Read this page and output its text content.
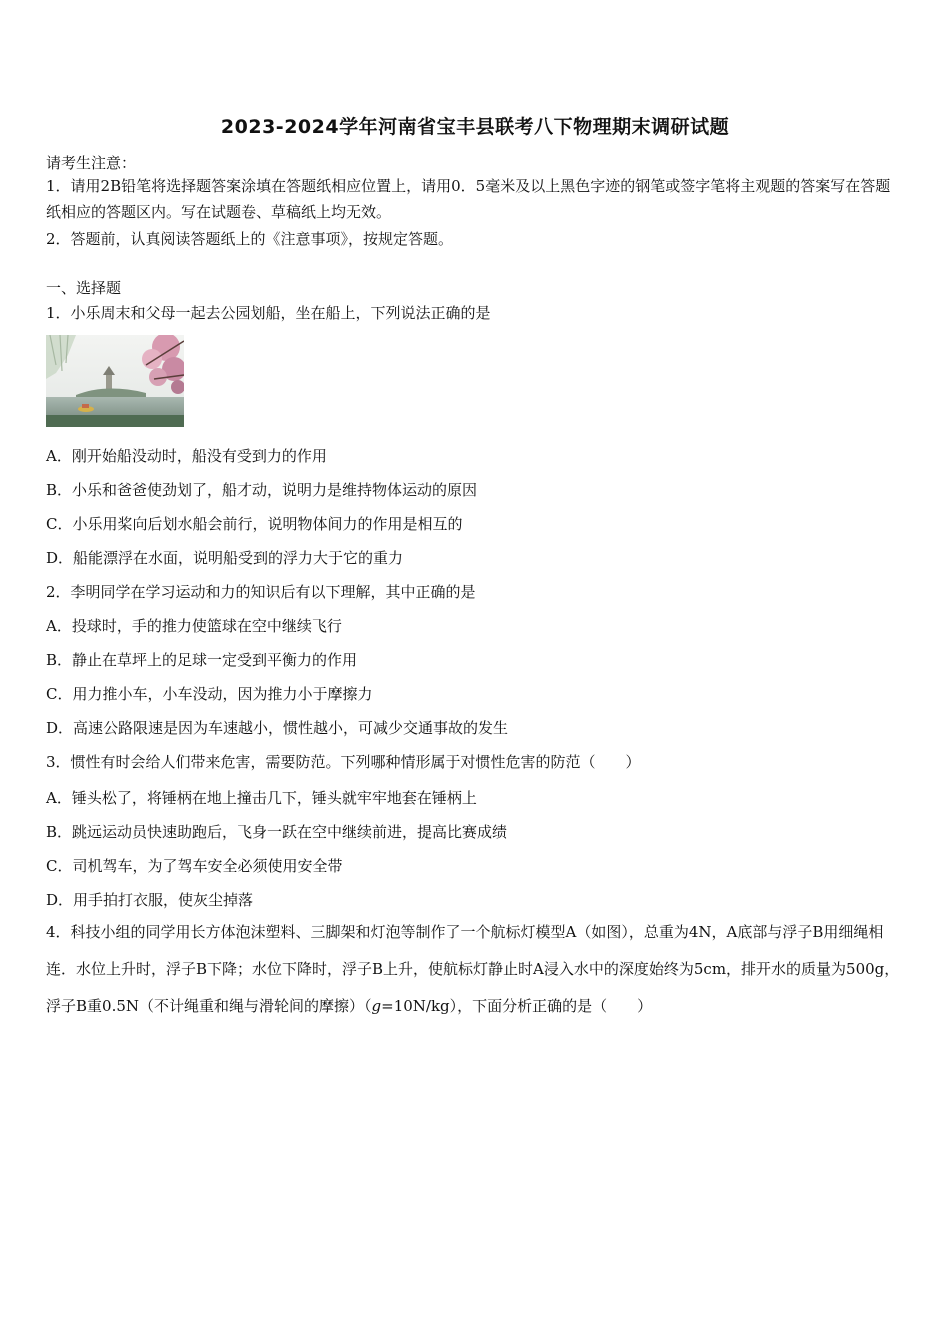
2023-2024学年河南省宝丰县联考八下物理期末调研试题
请考生注意：
1．请用2B铅笔将选择题答案涂填在答题纸相应位置上，请用0．5毫米及以上黑色字迹的钢笔或签字笔将主观题的答案写在答题纸相应的答题区内。写在试题卷、草稿纸上均无效。
2．答题前，认真阅读答题纸上的《注意事项》，按规定答题。
一、选择题
1．小乐周末和父母一起去公园划船，坐在船上，下列说法正确的是
A．刚开始船没动时，船没有受到力的作用
B．小乐和爸爸使劲划了，船才动，说明力是维持物体运动的原因
C．小乐用桨向后划水船会前行，说明物体间力的作用是相互的
D．船能漂浮在水面，说明船受到的浮力大于它的重力
2．李明同学在学习运动和力的知识后有以下理解，其中正确的是
A．投球时，手的推力使篮球在空中继续飞行
B．静止在草坪上的足球一定受到平衡力的作用
C．用力推小车，小车没动，因为推力小于摩擦力
D．高速公路限速是因为车速越小，惯性越小，可减少交通事故的发生
3．惯性有时会给人们带来危害，需要防范。下列哪种情形属于对惯性危害的防范（　　）
A．锤头松了，将锤柄在地上撞击几下，锤头就牢牢地套在锤柄上
B．跳远运动员快速助跑后，飞身一跃在空中继续前进，提高比赛成绩
C．司机驾车，为了驾车安全必须使用安全带
D．用手拍打衣服，使灰尘掉落
4．科技小组的同学用长方体泡沫塑料、三脚架和灯泡等制作了一个航标灯模型A（如图），总重为4N，A底部与浮子B用细绳相连．水位上升时，浮子B下降；水位下降时，浮子B上升，使航标灯静止时A浸入水中的深度始终为5cm，排开水的质量为500g，浮子B重0.5N（不计绳重和绳与滑轮间的摩擦）（g=10N/kg），下面分析正确的是（　　）
